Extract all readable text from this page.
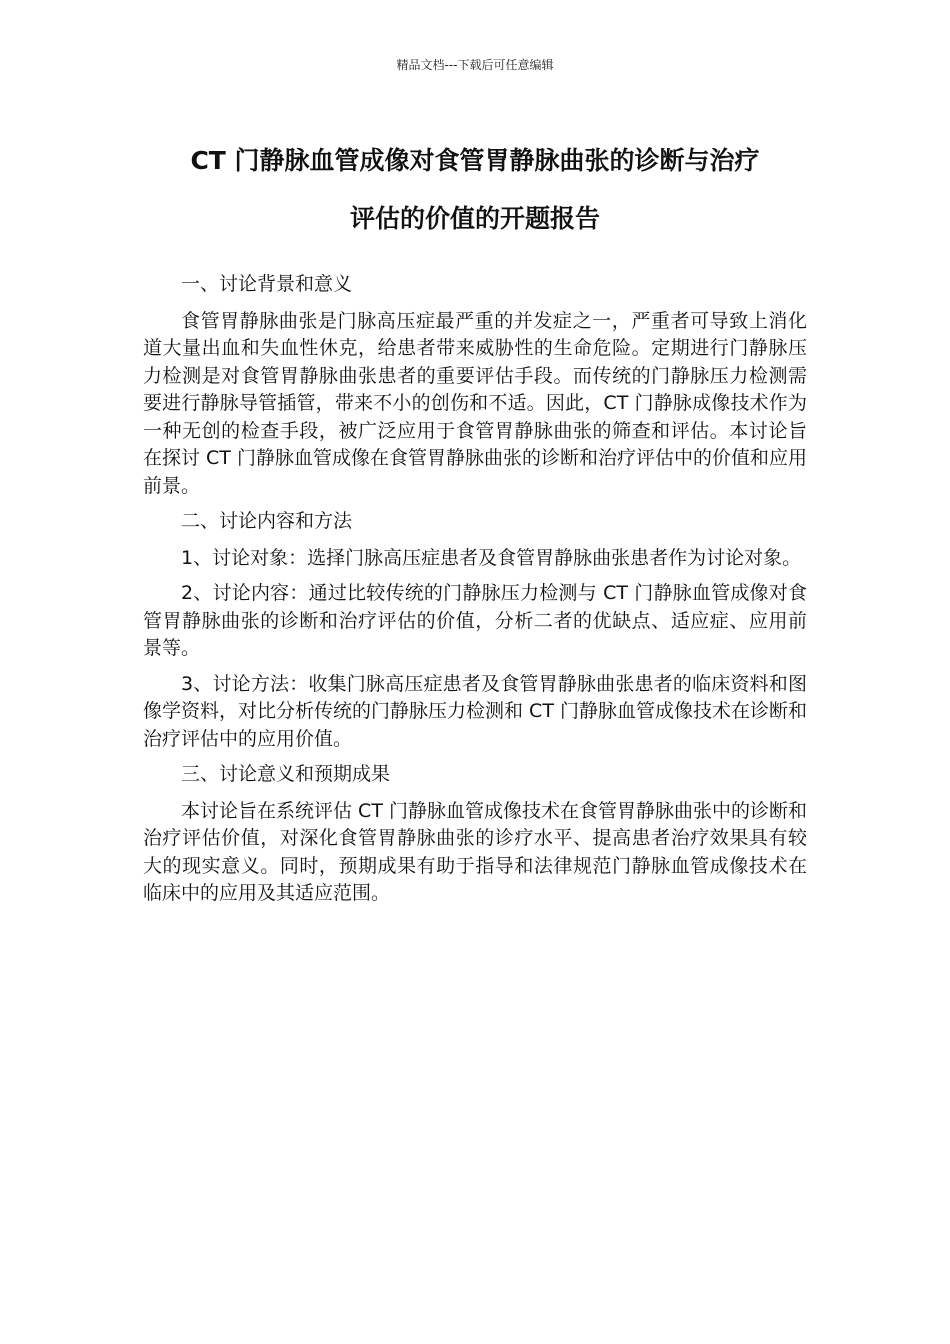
精品文档---下载后可任意编辑
CT 门静脉血管成像对食管胃静脉曲张的诊断与治疗
评估的价值的开题报告

一、讨论背景和意义

食管胃静脉曲张是门脉高压症最严重的并发症之一，严重者可导致上消化道大量出血和失血性休克，给患者带来威胁性的生命危险。定期进行门静脉压力检测是对食管胃静脉曲张患者的重要评估手段。而传统的门静脉压力检测需要进行静脉导管插管，带来不小的创伤和不适。因此，CT 门静脉成像技术作为一种无创的检查手段，被广泛应用于食管胃静脉曲张的筛查和评估。本讨论旨在探讨 CT 门静脉血管成像在食管胃静脉曲张的诊断和治疗评估中的价值和应用前景。

二、讨论内容和方法

1、讨论对象：选择门脉高压症患者及食管胃静脉曲张患者作为讨论对象。

2、讨论内容：通过比较传统的门静脉压力检测与 CT 门静脉血管成像对食管胃静脉曲张的诊断和治疗评估的价值，分析二者的优缺点、适应症、应用前景等。

3、讨论方法：收集门脉高压症患者及食管胃静脉曲张患者的临床资料和图像学资料，对比分析传统的门静脉压力检测和 CT 门静脉血管成像技术在诊断和治疗评估中的应用价值。

三、讨论意义和预期成果

本讨论旨在系统评估 CT 门静脉血管成像技术在食管胃静脉曲张中的诊断和治疗评估价值，对深化食管胃静脉曲张的诊疗水平、提高患者治疗效果具有较大的现实意义。同时，预期成果有助于指导和法律规范门静脉血管成像技术在临床中的应用及其适应范围。
